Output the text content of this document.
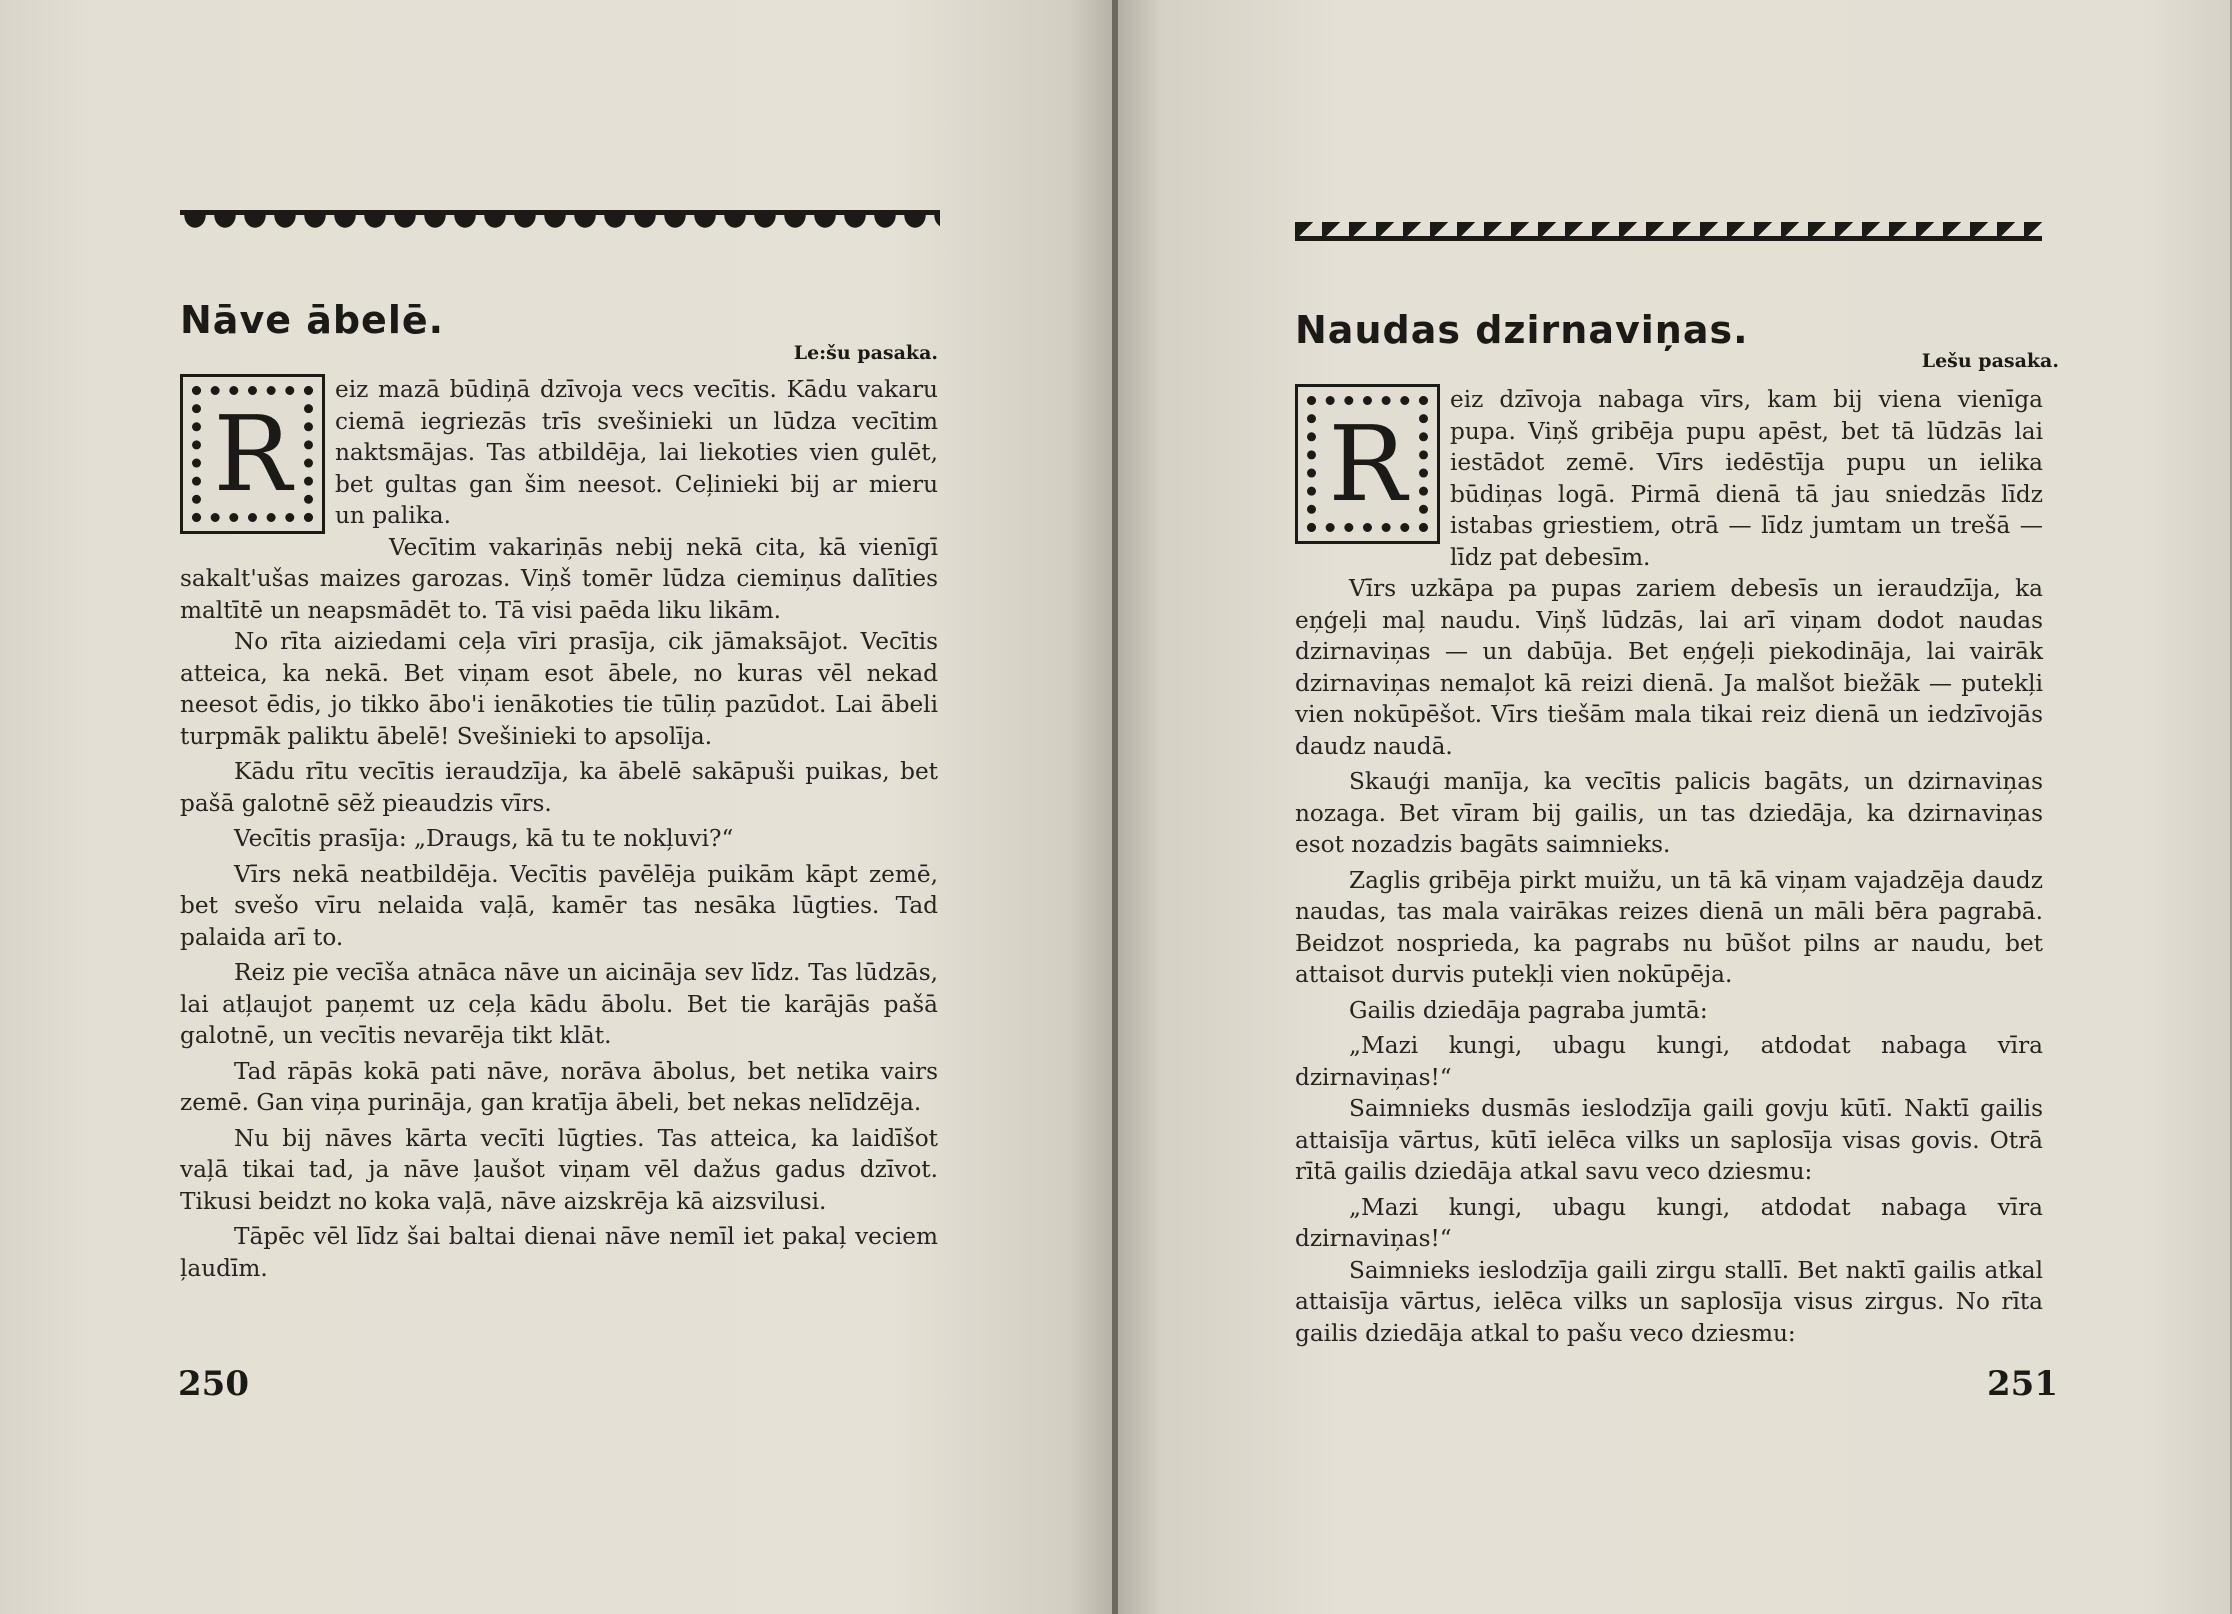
Nāve ābelē.
Le:šu pasaka.
R

eiz mazā būdiņā dzīvoja vecs vecītis. Kādu vakaru ciemā iegriezās trīs svešinieki un lūdza vecītim naktsmājas. Tas atbildēja, lai liekoties vien gulēt, bet gultas gan šim neesot. Ceļinieki bij ar mieru un palika.

Vecītim vakariņās nebij nekā cita, kā vienīgī sakalt'ušas maizes garozas. Viņš tomēr lūdza ciemiņus dalīties maltītē un neapsmādēt to. Tā visi paēda liku likām.

No rīta aiziedami ceļa vīri prasīja, cik jāmaksājot. Vecītis atteica, ka nekā. Bet viņam esot ābele, no kuras vēl nekad neesot ēdis, jo tikko ābo'i ienākoties tie tūliņ pazūdot. Lai ābeli turpmāk paliktu ābelē! Svešinieki to apsolīja.

Kādu rītu vecītis ieraudzīja, ka ābelē sakāpuši puikas, bet pašā galotnē sēž pieaudzis vīrs.

Vecītis prasīja: „Draugs, kā tu te nokļuvi?“

Vīrs nekā neatbildēja. Vecītis pavēlēja puikām kāpt zemē, bet svešo vīru nelaida vaļā, kamēr tas nesāka lūgties. Tad palaida arī to.

Reiz pie vecīša atnāca nāve un aicināja sev līdz. Tas lūdzās, lai atļaujot paņemt uz ceļa kādu ābolu. Bet tie karājās pašā galotnē, un vecītis nevarēja tikt klāt.

Tad rāpās kokā pati nāve, norāva ābolus, bet netika vairs zemē. Gan viņa purināja, gan kratīja ābeli, bet nekas nelīdzēja.

Nu bij nāves kārta vecīti lūgties. Tas atteica, ka laidīšot vaļā tikai tad, ja nāve ļaušot viņam vēl dažus gadus dzīvot. Tikusi beidzt no koka vaļā, nāve aizskrēja kā aizsvilusi.

Tāpēc vēl līdz šai baltai dienai nāve nemīl iet pakaļ veciem ļaudīm.

250
Naudas dzirnaviņas.
Lešu pasaka.
R

eiz dzīvoja nabaga vīrs, kam bij viena vienīga pupa. Viņš gribēja pupu apēst, bet tā lūdzās lai iestādot zemē. Vīrs iedēstīja pupu un ielika būdiņas logā. Pirmā dienā tā jau sniedzās līdz istabas griestiem, otrā — līdz jumtam un trešā — līdz pat debesīm.

Vīrs uzkāpa pa pupas zariem debesīs un ieraudzīja, ka eņģeļi maļ naudu. Viņš lūdzās, lai arī viņam dodot naudas dzirnaviņas — un dabūja. Bet eņģeļi piekodināja, lai vairāk dzirnaviņas nemaļot kā reizi dienā. Ja malšot biežāk — putekļi vien nokūpēšot. Vīrs tiešām mala tikai reiz dienā un iedzīvojās daudz naudā.

Skauģi manīja, ka vecītis palicis bagāts, un dzirnaviņas nozaga. Bet vīram bij gailis, un tas dziedāja, ka dzirnaviņas esot nozadzis bagāts saimnieks.

Zaglis gribēja pirkt muižu, un tā kā viņam vajadzēja daudz naudas, tas mala vairākas reizes dienā un māli bēra pagrabā. Beidzot nosprieda, ka pagrabs nu būšot pilns ar naudu, bet attaisot durvis putekļi vien nokūpēja.

Gailis dziedāja pagraba jumtā:

„Mazi kungi, ubagu kungi, atdodat nabaga vīra dzirnaviņas!“

Saimnieks dusmās ieslodzīja gaili govju kūtī. Naktī gailis attaisīja vārtus, kūtī ielēca vilks un saplosīja visas govis. Otrā rītā gailis dziedāja atkal savu veco dziesmu:

„Mazi kungi, ubagu kungi, atdodat nabaga vīra dzirnaviņas!“

Saimnieks ieslodzīja gaili zirgu stallī. Bet naktī gailis atkal attaisīja vārtus, ielēca vilks un saplosīja visus zirgus. No rīta gailis dziedāja atkal to pašu veco dziesmu:

251
